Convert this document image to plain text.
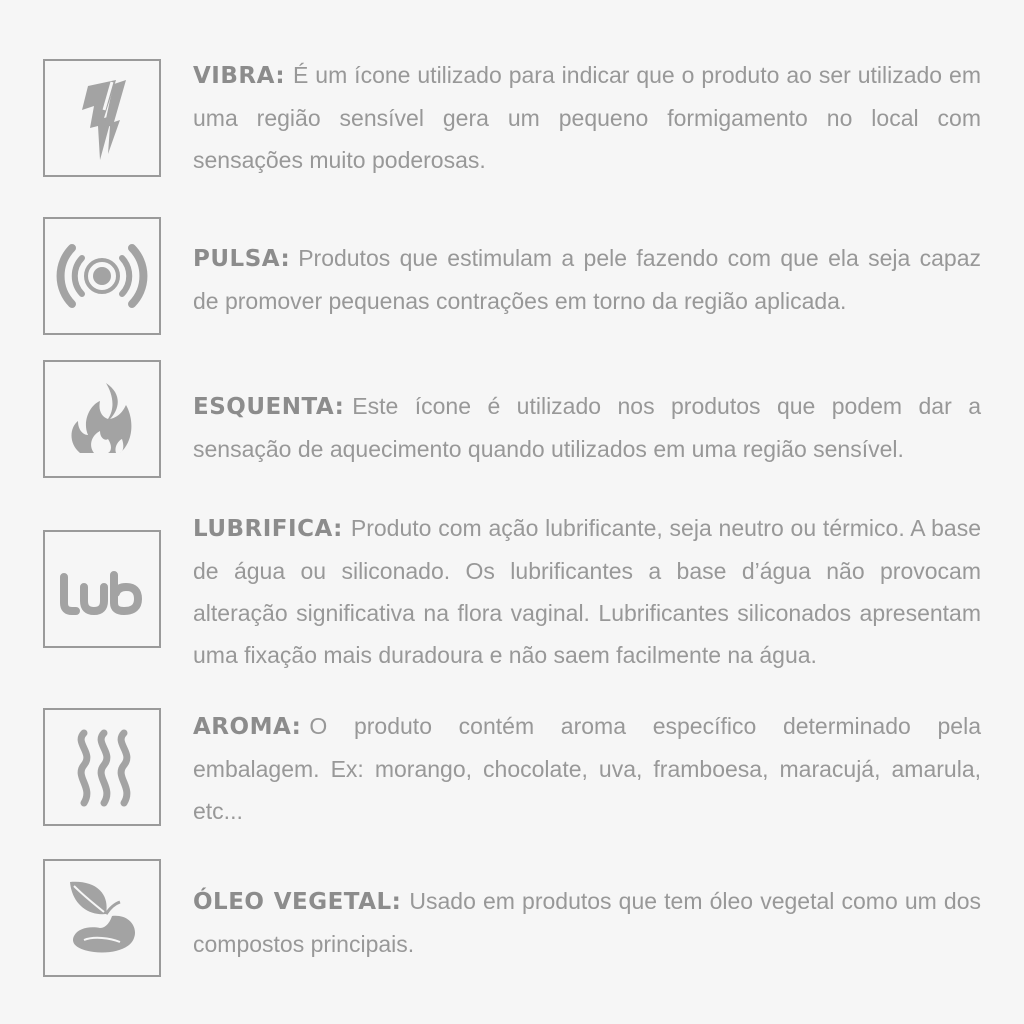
VIBRA: É um ícone utilizado para indicar que o produto ao ser utilizado em uma região sensível gera um pequeno formigamento no local com sensações muito poderosas.

PULSA: Produtos que estimulam a pele fazendo com que ela seja capaz de promover pequenas contrações em torno da região aplicada.

ESQUENTA: Este ícone é utilizado nos produtos que podem dar a sensação de aquecimento quando utilizados em uma região sensível.

LUBRIFICA: Produto com ação lubrificante, seja neutro ou térmico. A base de água ou siliconado. Os lubrificantes a base d’água não provocam alteração significativa na flora vaginal. Lubrificantes siliconados apresentam uma fixação mais duradoura e não saem facilmente na água.

AROMA: O produto contém aroma específico determinado pela embalagem. Ex: morango, chocolate, uva, framboesa, maracujá, amarula, etc...

ÓLEO VEGETAL: Usado em produtos que tem óleo vegetal como um dos compostos principais.
